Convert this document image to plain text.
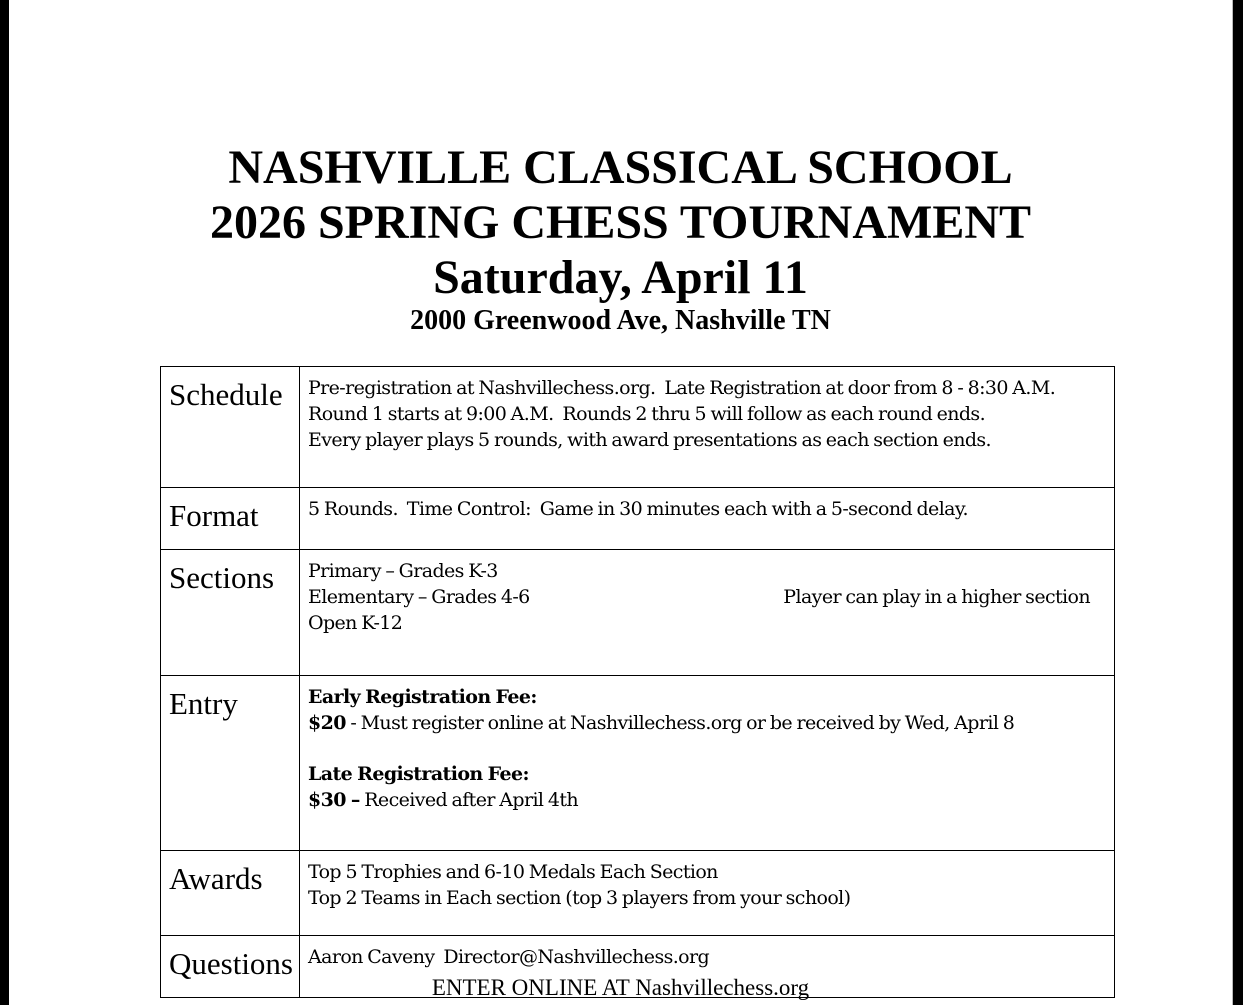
NASHVILLE CLASSICAL SCHOOL
2026 SPRING CHESS TOURNAMENT
Saturday, April 11
2000 Greenwood Ave, Nashville TN
Schedule	Pre-registration at Nashvillechess.org.  Late Registration at door from 8 - 8:30 A.M.
Round 1 starts at 9:00 A.M.  Rounds 2 thru 5 will follow as each round ends.
Every player plays 5 rounds, with award presentations as each section ends.

Format	5 Rounds.  Time Control:  Game in 30 minutes each with a 5-second delay.

Sections	Primary – Grades K-3
Elementary – Grades 4-6 Player can play in a higher section
Open K-12

Entry	Early Registration Fee:
$20 - Must register online at Nashvillechess.org or be received by Wed, April 8
Late Registration Fee:
$30 – Received after April 4th

Awards	Top 5 Trophies and 6-10 Medals Each Section
Top 2 Teams in Each section (top 3 players from your school)

Questions	Aaron Caveny  Director@Nashvillechess.org
ENTER ONLINE AT Nashvillechess.org
